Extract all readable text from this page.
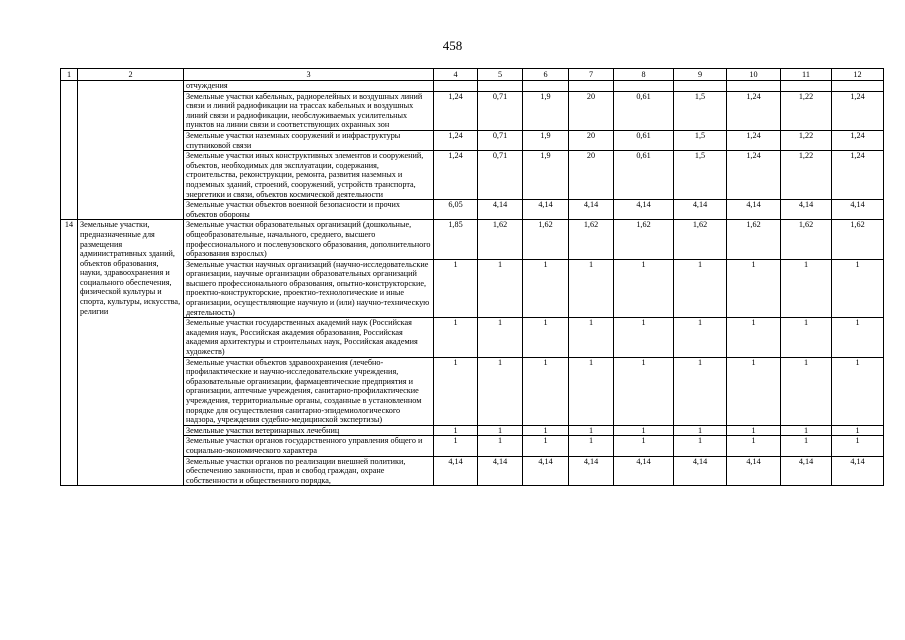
458
1	2	3	4	5	6	7	8	9	10	11	12
		отчуждения									
		Земельные участки кабельных, радиорелейных и воздушных линий связи и линий радиофикации на трассах кабельных и воздушных линий связи и радиофикации, необслуживаемых усилительных пунктов на линии связи и соответствующих охранных зон	1,24	0,71	1,9	20	0,61	1,5	1,24	1,22	1,24
		Земельные участки наземных сооружений и инфраструктуры спутниковой связи	1,24	0,71	1,9	20	0,61	1,5	1,24	1,22	1,24
		Земельные участки иных конструктивных элементов и сооружений, объектов, необходимых для эксплуатации, содержания, строительства, реконструкции, ремонта, развития наземных и подземных зданий, строений, сооружений, устройств транспорта, энергетики и связи, объектов космической деятельности	1,24	0,71	1,9	20	0,61	1,5	1,24	1,22	1,24
		Земельные участки объектов военной безопасности и прочих объектов обороны	6,05	4,14	4,14	4,14	4,14	4,14	4,14	4,14	4,14
14	Земельные участки, предназначенные для размещения административных зданий, объектов образования, науки, здравоохранения и социального обеспечения, физической культуры и спорта, культуры, искусства, религии	Земельные участки образовательных организаций (дошкольные, общеобразовательные, начального, среднего, высшего профессионального и послевузовского образования, дополнительного образования взрослых)	1,85	1,62	1,62	1,62	1,62	1,62	1,62	1,62	1,62
		Земельные участки научных организаций (научно-исследовательские организации, научные организации образовательных организаций высшего профессионального образования, опытно-конструкторские, проектно-конструкторские, проектно-технологические и иные организации, осуществляющие научную и (или) научно-техническую деятельность)	1	1	1	1	1	1	1	1	1
		Земельные участки государственных академий наук (Российская академия наук, Российская академия образования, Российская академия архитектуры и строительных наук, Российская академия художеств)	1	1	1	1	1	1	1	1	1
		Земельные участки объектов здравоохранения (лечебно-профилактические и научно-исследовательские учреждения, образовательные организации, фармацевтические предприятия и организации, аптечные учреждения, санитарно-профилактические учреждения, территориальные органы, созданные в установленном порядке для осуществления санитарно-эпидемиологического надзора, учреждения судебно-медицинской экспертизы)	1	1	1	1	1	1	1	1	1
		Земельные участки ветеринарных лечебниц	1	1	1	1	1	1	1	1	1
		Земельные участки органов государственного управления общего и социально-экономического характера	1	1	1	1	1	1	1	1	1
		Земельные участки органов по реализации внешней политики, обеспечению законности, прав и свобод граждан, охране собственности и общественного порядка,	4,14	4,14	4,14	4,14	4,14	4,14	4,14	4,14	4,14
